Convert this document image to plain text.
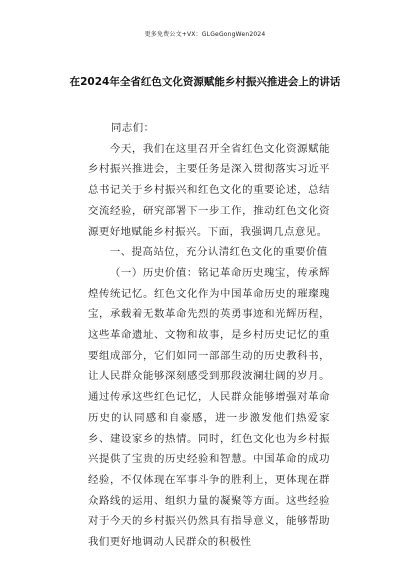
更多免费公文+VX：GLGeGongWen2024
在2024年全省红色文化资源赋能乡村振兴推进会上的讲话

同志们：

今天，我们在这里召开全省红色文化资源赋能乡村振兴推进会，主要任务是深入贯彻落实习近平总书记关于乡村振兴和红色文化的重要论述，总结交流经验，研究部署下一步工作，推动红色文化资源更好地赋能乡村振兴。下面，我强调几点意见。

一、提高站位，充分认清红色文化的重要价值

（一）历史价值：铭记革命历史瑰宝，传承辉煌传统记忆。红色文化作为中国革命历史的璀璨瑰宝，承载着无数革命先烈的英勇事迹和光辉历程，这些革命遗址、文物和故事，是乡村历史记忆的重要组成部分，它们如同一部部生动的历史教科书，让人民群众能够深刻感受到那段波澜壮阔的岁月。通过传承这些红色记忆，人民群众能够增强对革命历史的认同感和自豪感，进一步激发他们热爱家乡、建设家乡的热情。同时，红色文化也为乡村振兴提供了宝贵的历史经验和智慧。中国革命的成功经验，不仅体现在军事斗争的胜利上，更体现在群众路线的运用、组织力量的凝聚等方面。这些经验对于今天的乡村振兴仍然具有指导意义，能够帮助我们更好地调动人民群众的积极性
